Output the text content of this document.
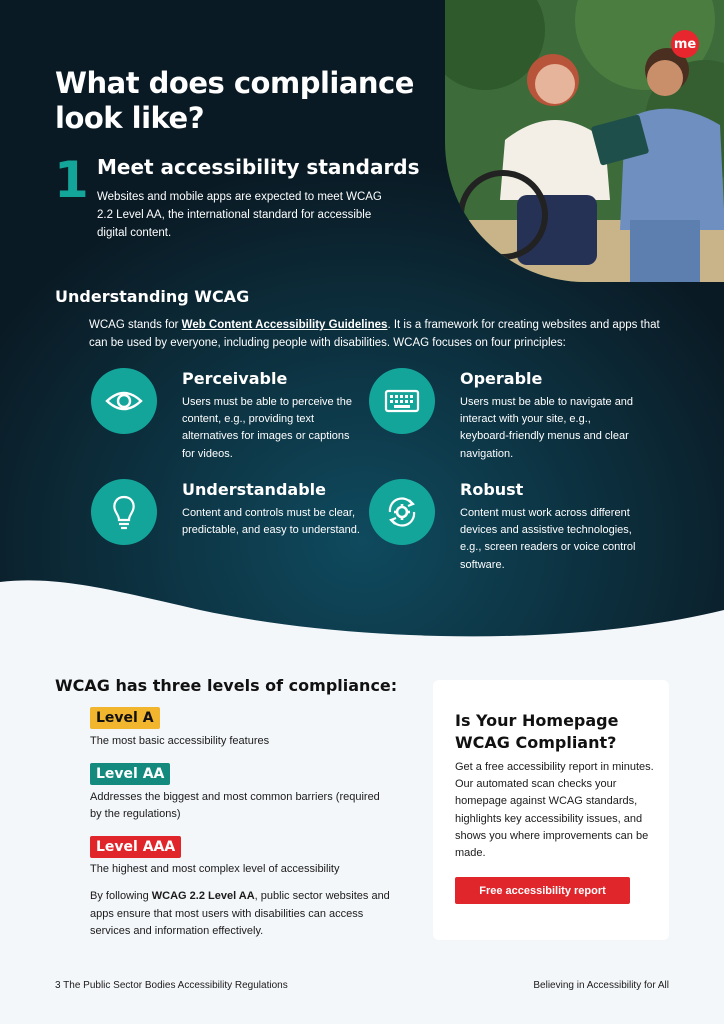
me
What does compliance look like?
1 Meet accessibility standards

Websites and mobile apps are expected to meet WCAG 2.2 Level AA, the international standard for accessible digital content.

Understanding WCAG

WCAG stands for Web Content Accessibility Guidelines. It is a framework for creating websites and apps that can be used by everyone, including people with disabilities. WCAG focuses on four principles:

Perceivable
Users must be able to perceive the content, e.g., providing text alternatives for images or captions for videos.
Operable
Users must be able to navigate and interact with your site, e.g., keyboard-friendly menus and clear navigation.
Understandable
Content and controls must be clear, predictable, and easy to understand.
Robust
Content must work across different devices and assistive technologies, e.g., screen readers or voice control software.
WCAG has three levels of compliance:
Level A

The most basic accessibility features

Level AA

Addresses the biggest and most common barriers (required by the regulations)

Level AAA

The highest and most complex level of accessibility

By following WCAG 2.2 Level AA, public sector websites and apps ensure that most users with disabilities can access services and information effectively.

Is Your Homepage WCAG Compliant?

Get a free accessibility report in minutes. Our automated scan checks your homepage against WCAG standards, highlights key accessibility issues, and shows you where improvements can be made.

Free accessibility report
3 The Public Sector Bodies Accessibility Regulations	Believing in Accessibility for All
